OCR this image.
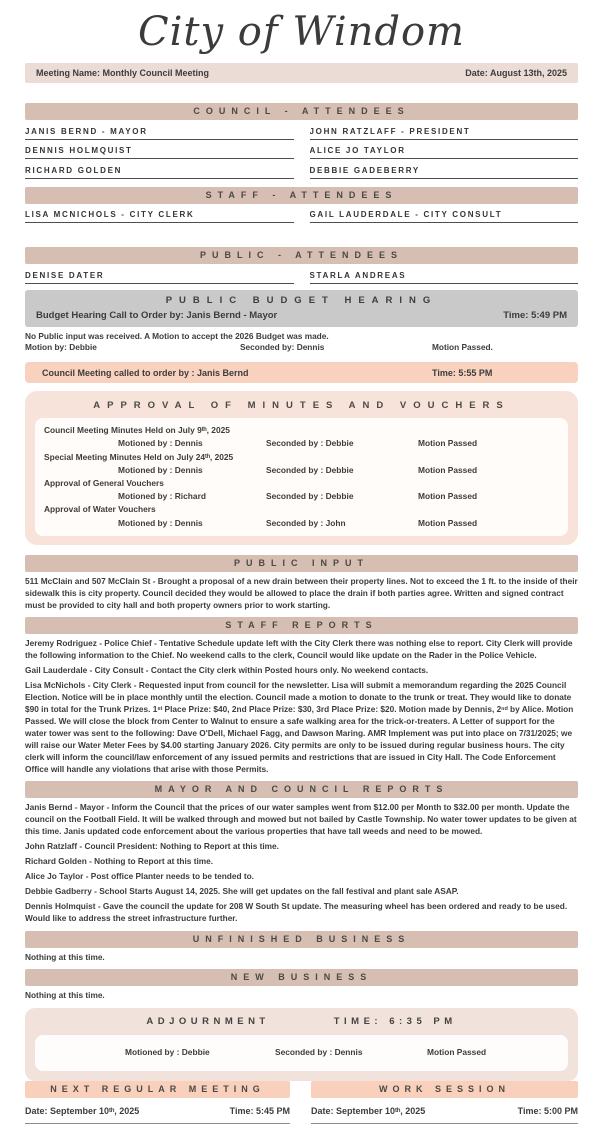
City of Windom
Meeting Name: Monthly Council Meeting	Date: August 13th, 2025
COUNCIL - ATTENDEES
JANIS BERND - MAYOR	JOHN RATZLAFF - PRESIDENT
DENNIS HOLMQUIST	ALICE JO TAYLOR
RICHARD GOLDEN	DEBBIE GADEBERRY
STAFF - ATTENDEES
LISA MCNICHOLS - CITY CLERK	GAIL LAUDERDALE - CITY CONSULT
PUBLIC - ATTENDEES
DENISE DATER	STARLA ANDREAS
PUBLIC BUDGET HEARING
Budget Hearing Call to Order by: Janis Bernd - Mayor	Time: 5:49 PM
No Public input was received. A Motion to accept the 2026 Budget was made.
Motion by: Debbie	Seconded by: Dennis	Motion Passed.
Council Meeting called to order by : Janis Bernd	Time: 5:55 PM
APPROVAL OF MINUTES AND VOUCHERS
Council Meeting Minutes Held on July 9ᵗʰ, 2025
Motioned by : Dennis	Seconded by : Debbie	Motion Passed
Special Meeting Minutes Held on July 24ᵗʰ, 2025
Motioned by : Dennis	Seconded by : Debbie	Motion Passed
Approval of General Vouchers
Motioned by : Richard	Seconded by : Debbie	Motion Passed
Approval of Water Vouchers
Motioned by : Dennis	Seconded by : John	Motion Passed
PUBLIC INPUT
511 McClain and 507 McClain St - Brought a proposal of a new drain between their property lines. Not to exceed the 1 ft. to the inside of their sidewalk this is city property. Council decided they would be allowed to place the drain if both parties agree. Written and signed contract must be provided to city hall and both property owners prior to work starting.
STAFF REPORTS
Jeremy Rodriguez - Police Chief - Tentative Schedule update left with the City Clerk there was nothing else to report. City Clerk will provide the following information to the Chief. No weekend calls to the clerk, Council would like update on the Rader in the Police Vehicle.
Gail Lauderdale - City Consult - Contact the City clerk within Posted hours only. No weekend contacts.
Lisa McNichols - City Clerk - Requested input from council for the newsletter. Lisa will submit a memorandum regarding the 2025 Council Election. Notice will be in place monthly until the election. Council made a motion to donate to the trunk or treat. They would like to donate $90 in total for the Trunk Prizes. 1ˢᵗ Place Prize: $40, 2nd Place Prize: $30, 3rd Place Prize: $20. Motion made by Dennis, 2ⁿᵈ by Alice. Motion Passed. We will close the block from Center to Walnut to ensure a safe walking area for the trick-or-treaters. A Letter of support for the water tower was sent to the following: Dave O'Dell, Michael Fagg, and Dawson Maring. AMR Implement was put into place on 7/31/2025; we will raise our Water Meter Fees by $4.00 starting January 2026. City permits are only to be issued during regular business hours. The city clerk will inform the council/law enforcement of any issued permits and restrictions that are issued in City Hall. The Code Enforcement Office will handle any violations that arise with those Permits.
MAYOR AND COUNCIL REPORTS
Janis Bernd - Mayor - Inform the Council that the prices of our water samples went from $12.00 per Month to $32.00 per month. Update the council on the Football Field. It will be walked through and mowed but not bailed by Castle Township. No water tower updates to be given at this time. Janis updated code enforcement about the various properties that have tall weeds and need to be mowed.
John Ratzlaff - Council President: Nothing to Report at this time.
Richard Golden - Nothing to Report at this time.
Alice Jo Taylor - Post office Planter needs to be tended to.
Debbie Gadberry - School Starts August 14, 2025. She will get updates on the fall festival and plant sale ASAP.
Dennis Holmquist - Gave the council the update for 208 W South St update. The measuring wheel has been ordered and ready to be used. Would like to address the street infrastructure further.
UNFINISHED BUSINESS
Nothing at this time.
NEW BUSINESS
Nothing at this time.
ADJOURNMENT	TIME: 6:35 PM
Motioned by : Debbie	Seconded by : Dennis	Motion Passed
NEXT REGULAR MEETING
Date: September 10ᵗʰ, 2025	Time: 5:45 PM
WORK SESSION
Date: September 10ᵗʰ, 2025	Time: 5:00 PM
